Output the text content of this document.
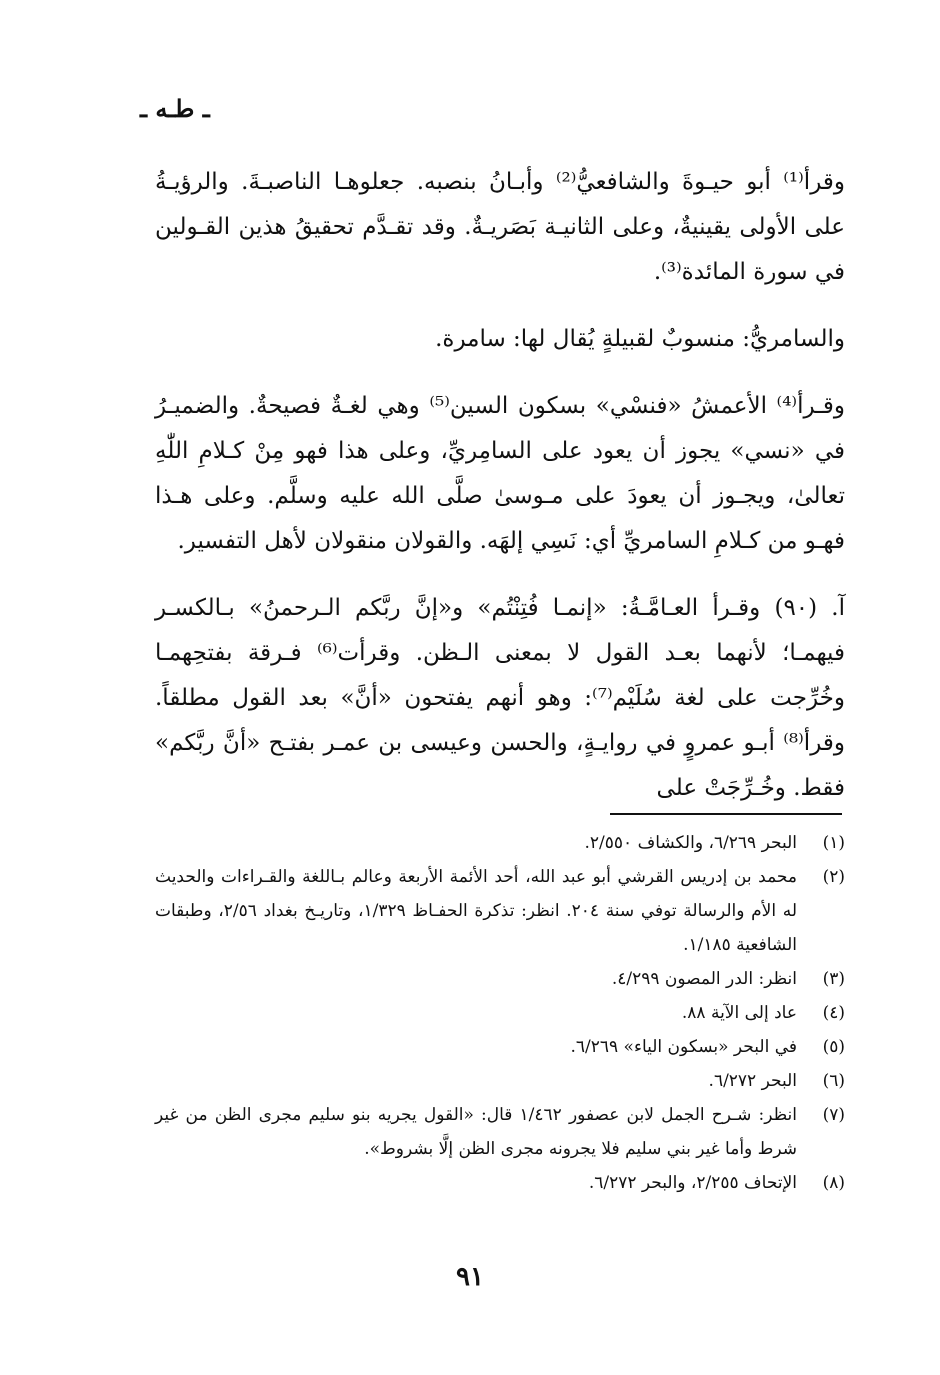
ـ طـه ـ

وقرأ⁽¹⁾ أبو حيـوةَ والشافعيُّ⁽²⁾ وأبـانُ بنصبه. جعلوهـا الناصبـةَ. والرؤيـةُ على الأولى يقينيةٌ، وعلى الثانيـة بَصَريـةٌ. وقد تقـدَّم تحقيقُ هذين القـولين في سورة المائدة⁽³⁾.

والسامريُّ: منسوبٌ لقبيلةٍ يُقال لها: سامرة.

وقـرأ⁽⁴⁾ الأعمشُ «فنسْي» بسكون السين⁽⁵⁾ وهي لغـةٌ فصيحةٌ. والضميـرُ في «نسي» يجوز أن يعود على السامِريِّ، وعلى هذا فهو مِنْ كـلامِ اللّٰهِ تعالىٰ، ويجـوز أن يعودَ على مـوسىٰ صلَّى الله عليه وسلَّم. وعلى هـذا فهـو من كـلامِ السامريِّ أي: نَسِي إلهَه. والقولان منقولان لأهل التفسير.

آ. (٩٠) وقـرأ العـامَّـةُ: «إنمـا فُتِنْتُم» و«إنَّ ربَّكم الـرحمنُ» بـالكسـر فيهمـا؛ لأنهما بعـد القول لا بمعنى الـظن. وقرأت⁽⁶⁾ فـرقة بفتحِهمـا وخُرِّجت على لغة سُلَيْم⁽⁷⁾: وهو أنهم يفتحون «أنَّ» بعد القول مطلقاً. وقرأ⁽⁸⁾ أبـو عمروٍ في روايـةٍ، والحسن وعيسى بن عمـر بفتـح «أنَّ ربَّكم» فقط. وخُـرِّجَتْ على

(١)
البحر ٦/٢٦٩، والكشاف ٢/٥٥٠.
(٢)
محمد بن إدريس القرشي أبو عبد الله، أحد الأئمة الأربعة وعالم بـاللغة والقـراءات والحديث له الأم والرسالة توفي سنة ٢٠٤. انظر: تذكرة الحفـاظ ١/٣٢٩، وتاريـخ بغداد ٢/٥٦، وطبقات الشافعية ١/١٨٥.
(٣)
انظر: الدر المصون ٤/٢٩٩.
(٤)
عاد إلى الآية ٨٨.
(٥)
في البحر «بسكون الياء» ٦/٢٦٩.
(٦)
البحر ٦/٢٧٢.
(٧)
انظر: شـرح الجمل لابن عصفور ١/٤٦٢ قال: «القول يجريه بنو سليم مجرى الظن من غير شرط وأما غير بني سليم فلا يجرونه مجرى الظن إلَّا بشروط».
(٨)
الإتحاف ٢/٢٥٥، والبحر ٦/٢٧٢.
٩١
